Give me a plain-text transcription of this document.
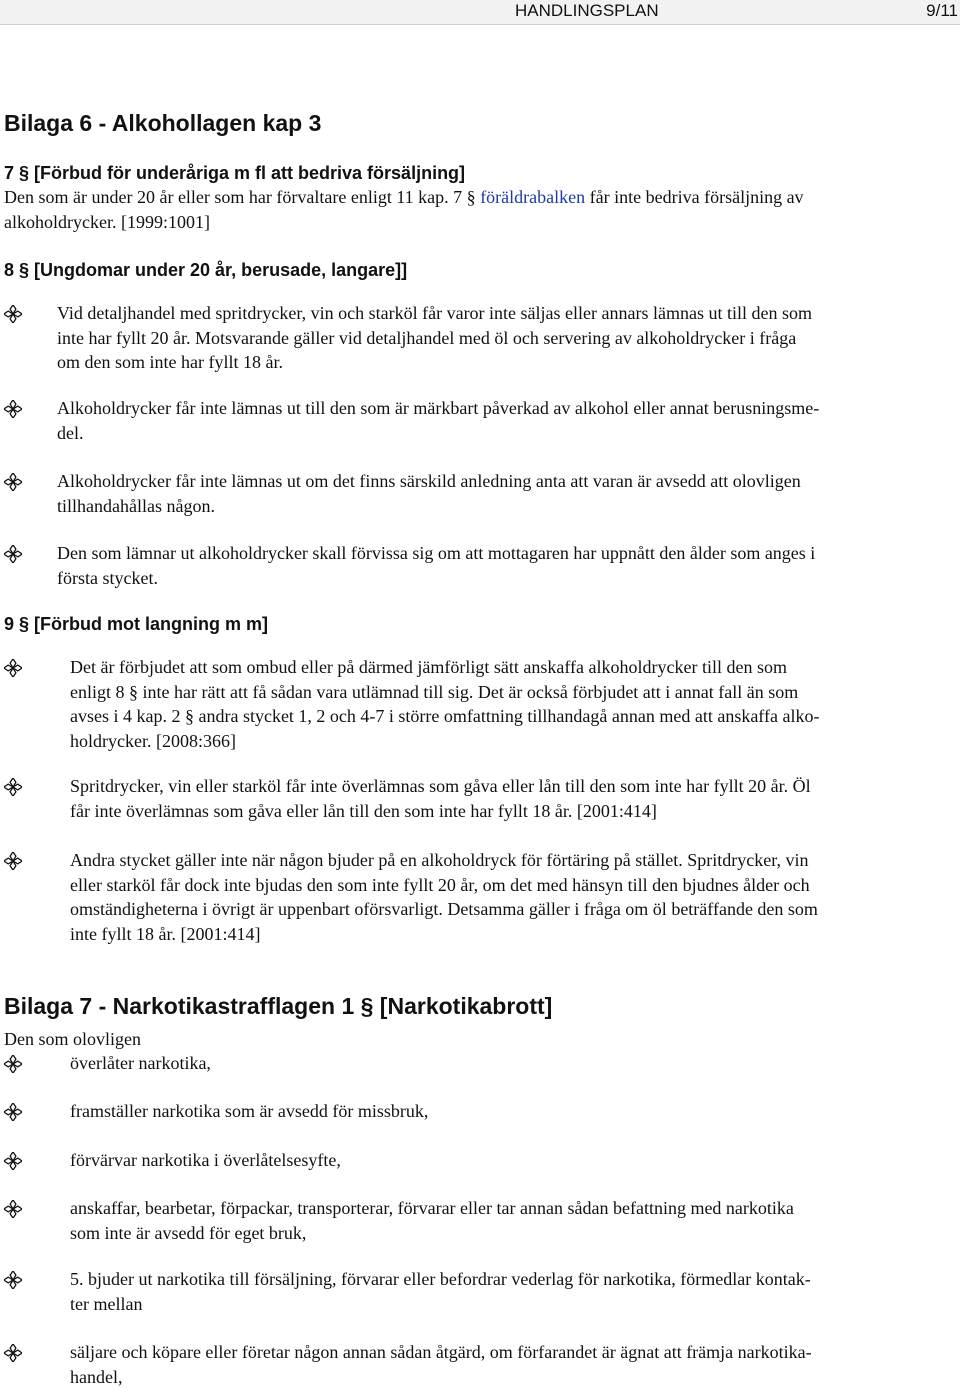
HANDLINGSPLAN	9/11
Bilaga 6 - Alkohollagen kap 3
7 § [Förbud för underåriga m fl att bedriva försäljning]
Den som är under 20 år eller som har förvaltare enligt 11 kap. 7 § föräldrabalken får inte bedriva försäljning av
alkoholdrycker. [1999:1001]
8 § [Ungdomar under 20 år, berusade, langare]]
Vid detaljhandel med spritdrycker, vin och starköl får varor inte säljas eller annars lämnas ut till den som
inte har fyllt 20 år. Motsvarande gäller vid detaljhandel med öl och servering av alkoholdrycker i fråga
om den som inte har fyllt 18 år.
Alkoholdrycker får inte lämnas ut till den som är märkbart påverkad av alkohol eller annat berusningsme-
del.
Alkoholdrycker får inte lämnas ut om det finns särskild anledning anta att varan är avsedd att olovligen
tillhandahållas någon.
Den som lämnar ut alkoholdrycker skall förvissa sig om att mottagaren har uppnått den ålder som anges i
första stycket.
9 § [Förbud mot langning m m]
Det är förbjudet att som ombud eller på därmed jämförligt sätt anskaffa alkoholdrycker till den som
enligt 8 § inte har rätt att få sådan vara utlämnad till sig. Det är också förbjudet att i annat fall än som
avses i 4 kap. 2 § andra stycket 1, 2 och 4-7 i större omfattning tillhandagå annan med att anskaffa alko-
holdrycker. [2008:366]
Spritdrycker, vin eller starköl får inte överlämnas som gåva eller lån till den som inte har fyllt 20 år. Öl
får inte överlämnas som gåva eller lån till den som inte har fyllt 18 år. [2001:414]
Andra stycket gäller inte när någon bjuder på en alkoholdryck för förtäring på stället. Spritdrycker, vin
eller starköl får dock inte bjudas den som inte fyllt 20 år, om det med hänsyn till den bjudnes ålder och
omständigheterna i övrigt är uppenbart oförsvarligt. Detsamma gäller i fråga om öl beträffande den som
inte fyllt 18 år. [2001:414]
Bilaga 7 - Narkotikastrafflagen 1 § [Narkotikabrott]
Den som olovligen
överlåter narkotika,
framställer narkotika som är avsedd för missbruk,
förvärvar narkotika i överlåtelsesyfte,
anskaffar, bearbetar, förpackar, transporterar, förvarar eller tar annan sådan befattning med narkotika
som inte är avsedd för eget bruk,
5. bjuder ut narkotika till försäljning, förvarar eller befordrar vederlag för narkotika, förmedlar kontak-
ter mellan
säljare och köpare eller företar någon annan sådan åtgärd, om förfarandet är ägnat att främja narkotika-
handel,
